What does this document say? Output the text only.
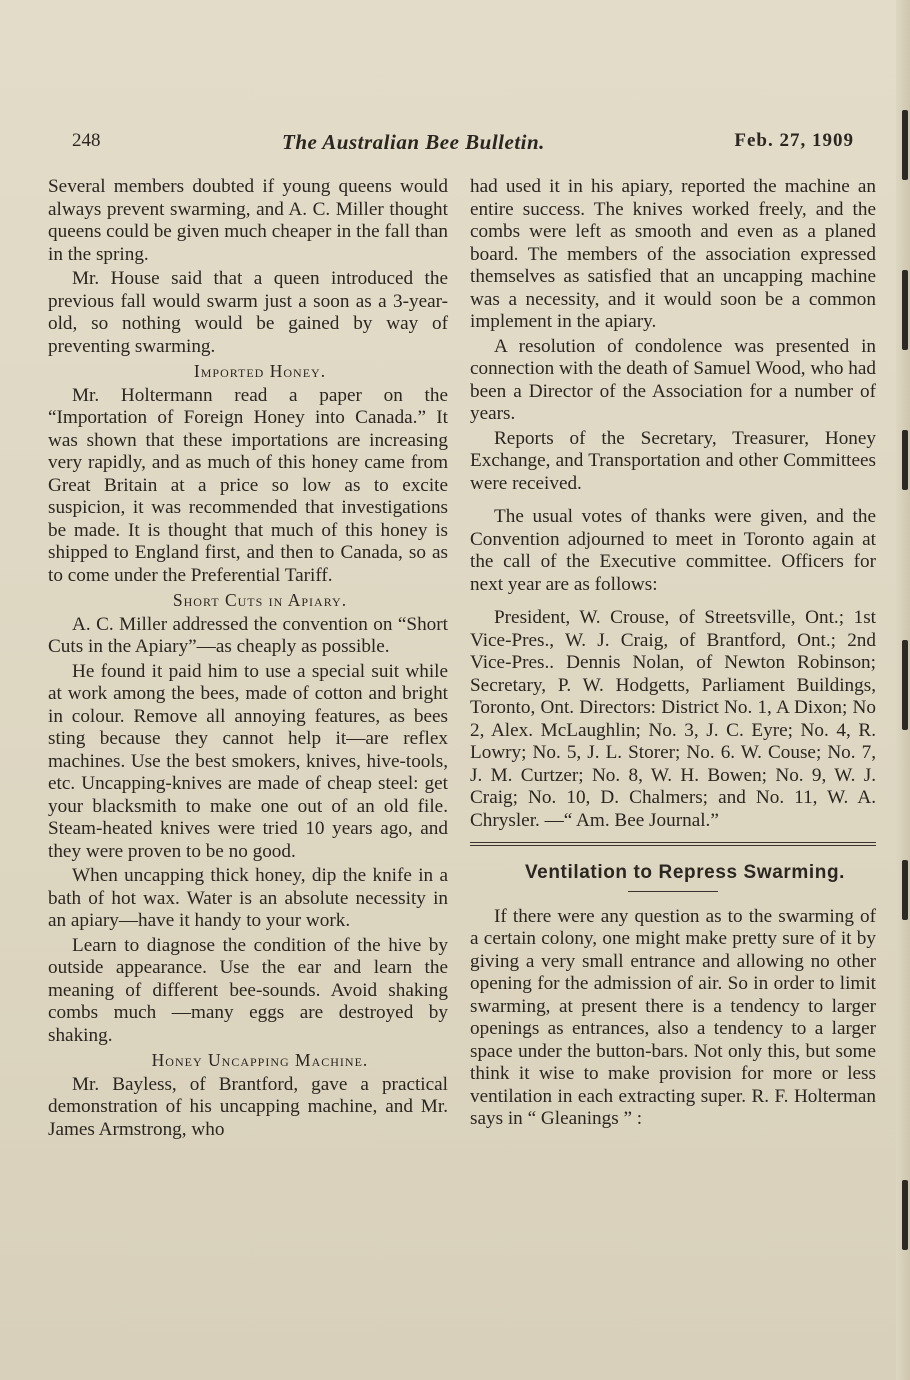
248	The Australian Bee Bulletin.	Feb. 27, 1909

Several members doubted if young queens would always prevent swarming, and A. C. Miller thought queens could be given much cheaper in the fall than in the spring.

Mr. House said that a queen introduced the previous fall would swarm just a soon as a 3-year-old, so nothing would be gained by way of preventing swarming.

Imported Honey.

Mr. Holtermann read a paper on the “Importation of Foreign Honey into Canada.” It was shown that these importations are increasing very rapidly, and as much of this honey came from Great Britain at a price so low as to excite suspicion, it was recommended that investigations be made. It is thought that much of this honey is shipped to England first, and then to Canada, so as to come under the Preferential Tariff.

Short Cuts in Apiary.

A. C. Miller addressed the convention on “Short Cuts in the Apiary”—as cheaply as possible.

He found it paid him to use a special suit while at work among the bees, made of cotton and bright in colour. Remove all annoying features, as bees sting because they cannot help it—are reflex machines. Use the best smokers, knives, hive-tools, etc. Uncapping-knives are made of cheap steel: get your blacksmith to make one out of an old file. Steam-heated knives were tried 10 years ago, and they were proven to be no good.

When uncapping thick honey, dip the knife in a bath of hot wax. Water is an absolute necessity in an apiary—have it handy to your work.

Learn to diagnose the condition of the hive by outside appearance. Use the ear and learn the meaning of different bee-sounds. Avoid shaking combs much —many eggs are destroyed by shaking.

Honey Uncapping Machine.

Mr. Bayless, of Brantford, gave a practical demonstration of his uncapping machine, and Mr. James Armstrong, who

had used it in his apiary, reported the machine an entire success. The knives worked freely, and the combs were left as smooth and even as a planed board. The members of the association expressed themselves as satisfied that an uncapping machine was a necessity, and it would soon be a common implement in the apiary.

A resolution of condolence was presented in connection with the death of Samuel Wood, who had been a Director of the Association for a number of years.

Reports of the Secretary, Treasurer, Honey Exchange, and Transportation and other Committees were received.

The usual votes of thanks were given, and the Convention adjourned to meet in Toronto again at the call of the Executive committee. Officers for next year are as follows:

President, W. Crouse, of Streetsville, Ont.; 1st Vice-Pres., W. J. Craig, of Brantford, Ont.; 2nd Vice-Pres.. Dennis Nolan, of Newton Robinson; Secretary, P. W. Hodgetts, Parliament Buildings, Toronto, Ont. Directors: District No. 1, A Dixon; No 2, Alex. McLaughlin; No. 3, J. C. Eyre; No. 4, R. Lowry; No. 5, J. L. Storer; No. 6. W. Couse; No. 7, J. M. Curtzer; No. 8, W. H. Bowen; No. 9, W. J. Craig; No. 10, D. Chalmers; and No. 11, W. A. Chrysler. —“ Am. Bee Journal.”

Ventilation to Repress Swarming.

If there were any question as to the swarming of a certain colony, one might make pretty sure of it by giving a very small entrance and allowing no other opening for the admission of air. So in order to limit swarming, at present there is a tendency to larger openings as entrances, also a tendency to a larger space under the button-bars. Not only this, but some think it wise to make provision for more or less ventilation in each extracting super. R. F. Holterman says in “ Gleanings ” :
